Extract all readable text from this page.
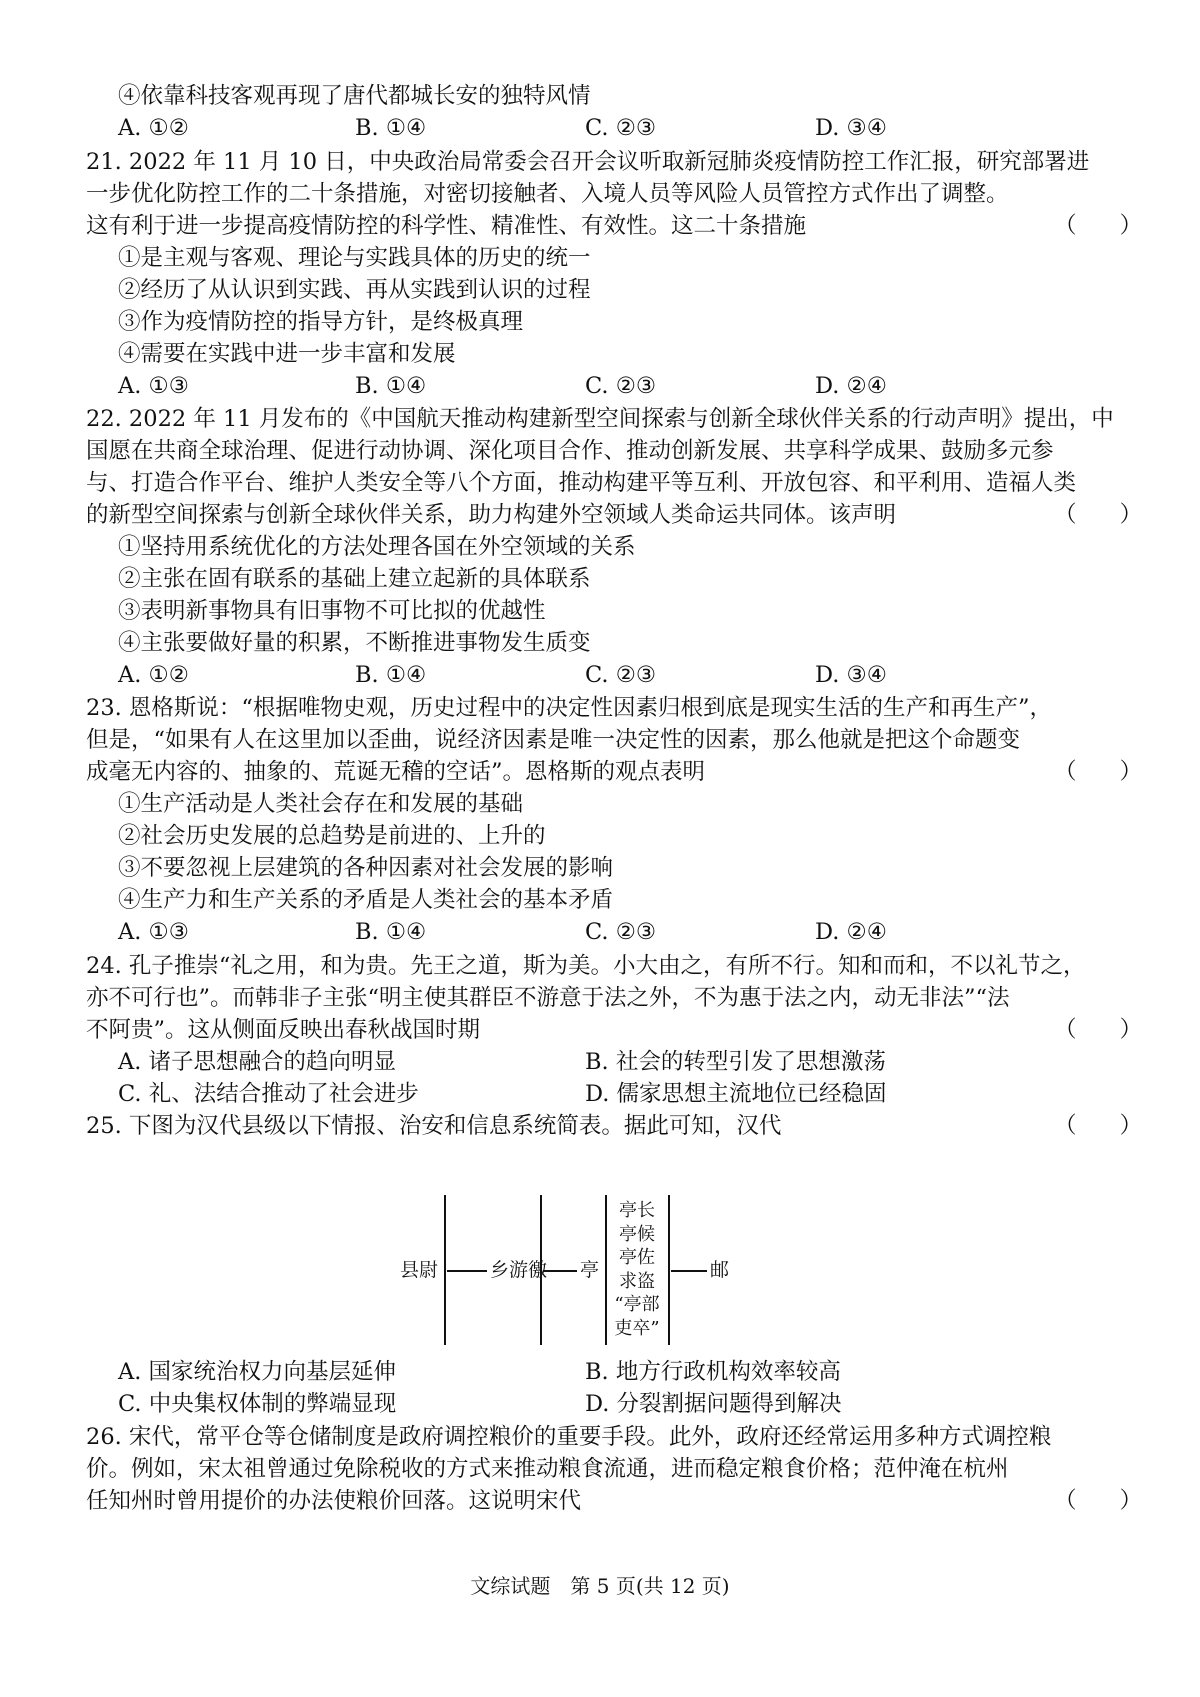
④依靠科技客观再现了唐代都城长安的独特风情
A. ①②	B. ①④	C. ②③	D. ③④
21. 2022 年 11 月 10 日，中央政治局常委会召开会议听取新冠肺炎疫情防控工作汇报，研究部署进
一步优化防控工作的二十条措施，对密切接触者、入境人员等风险人员管控方式作出了调整。
这有利于进一步提高疫情防控的科学性、精准性、有效性。这二十条措施	（ ）
①是主观与客观、理论与实践具体的历史的统一
②经历了从认识到实践、再从实践到认识的过程
③作为疫情防控的指导方针，是终极真理
④需要在实践中进一步丰富和发展
A. ①③	B. ①④	C. ②③	D. ②④
22. 2022 年 11 月发布的《中国航天推动构建新型空间探索与创新全球伙伴关系的行动声明》提出，中
国愿在共商全球治理、促进行动协调、深化项目合作、推动创新发展、共享科学成果、鼓励多元参
与、打造合作平台、维护人类安全等八个方面，推动构建平等互利、开放包容、和平利用、造福人类
的新型空间探索与创新全球伙伴关系，助力构建外空领域人类命运共同体。该声明	（ ）
①坚持用系统优化的方法处理各国在外空领域的关系
②主张在固有联系的基础上建立起新的具体联系
③表明新事物具有旧事物不可比拟的优越性
④主张要做好量的积累，不断推进事物发生质变
A. ①②	B. ①④	C. ②③	D. ③④
23. 恩格斯说：“根据唯物史观，历史过程中的决定性因素归根到底是现实生活的生产和再生产”，
但是，“如果有人在这里加以歪曲，说经济因素是唯一决定性的因素，那么他就是把这个命题变
成毫无内容的、抽象的、荒诞无稽的空话”。恩格斯的观点表明	（ ）
①生产活动是人类社会存在和发展的基础
②社会历史发展的总趋势是前进的、上升的
③不要忽视上层建筑的各种因素对社会发展的影响
④生产力和生产关系的矛盾是人类社会的基本矛盾
A. ①③	B. ①④	C. ②③	D. ②④
24. 孔子推崇“礼之用，和为贵。先王之道，斯为美。小大由之，有所不行。知和而和，不以礼节之，
亦不可行也”。而韩非子主张“明主使其群臣不游意于法之外，不为惠于法之内，动无非法”“法
不阿贵”。这从侧面反映出春秋战国时期	（ ）
A. 诸子思想融合的趋向明显	B. 社会的转型引发了思想激荡
C. 礼、法结合推动了社会进步	D. 儒家思想主流地位已经稳固
25. 下图为汉代县级以下情报、治安和信息系统简表。据此可知，汉代	（ ）
县尉	乡游徼 亭
亭长
亭候
亭佐
求盗
“亭部
吏卒”
邮
A. 国家统治权力向基层延伸	B. 地方行政机构效率较高
C. 中央集权体制的弊端显现	D. 分裂割据问题得到解决
26. 宋代，常平仓等仓储制度是政府调控粮价的重要手段。此外，政府还经常运用多种方式调控粮
价。例如，宋太祖曾通过免除税收的方式来推动粮食流通，进而稳定粮食价格；范仲淹在杭州
任知州时曾用提价的办法使粮价回落。这说明宋代	（ ）
文综试题　第 5 页(共 12 页)
